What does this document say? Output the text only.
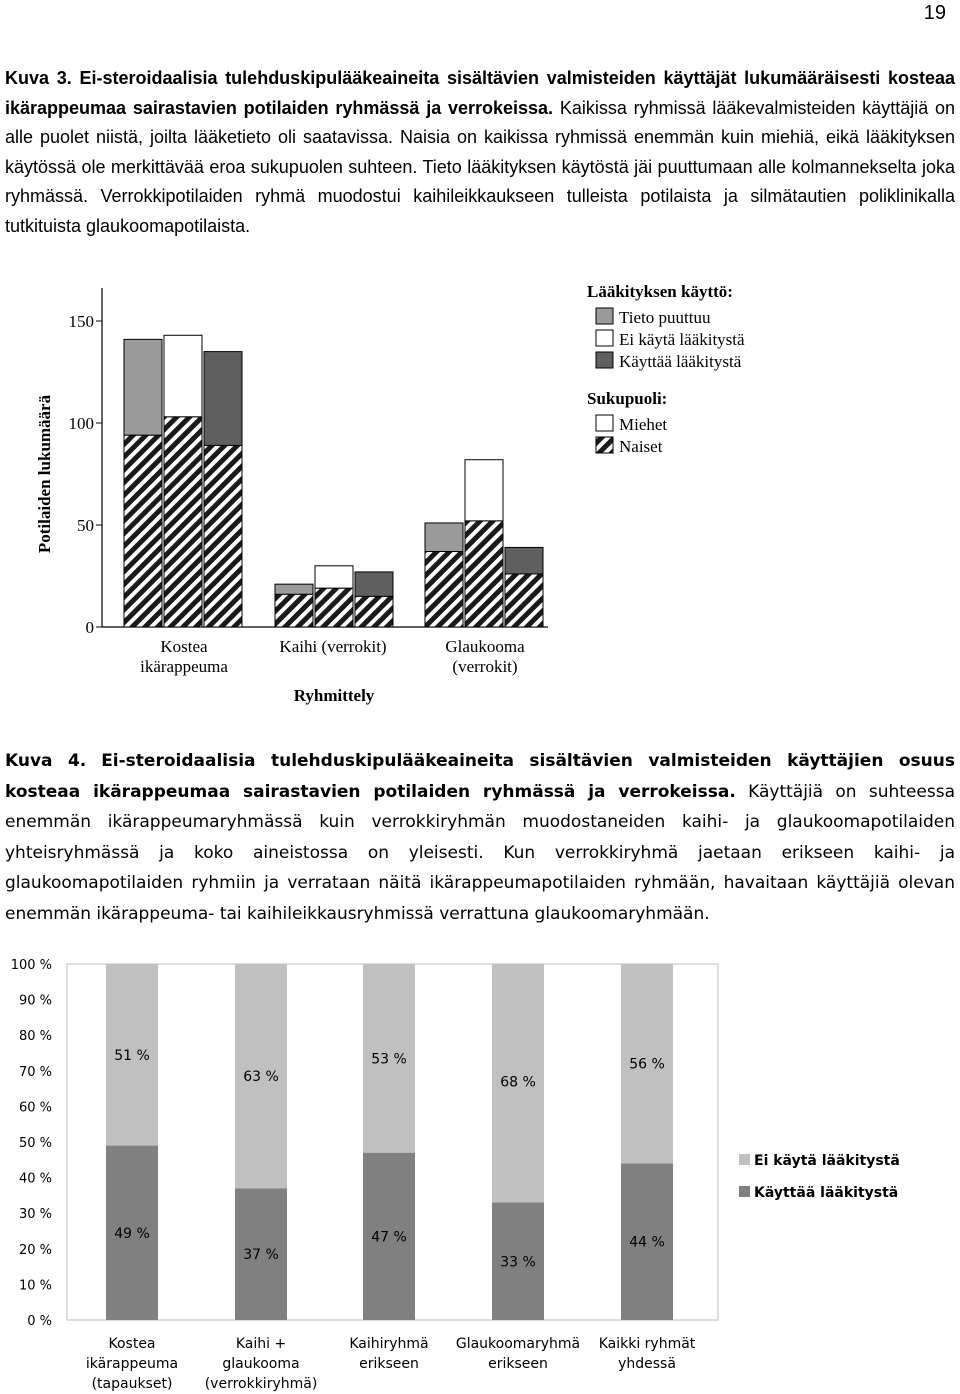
19
Kuva 3. Ei-steroidaalisia tulehduskipulääkeaineita sisältävien valmisteiden käyttäjät lukumääräisesti kosteaa ikärappeumaa sairastavien potilaiden ryhmässä ja verrokeissa. Kaikissa ryhmissä lääkevalmisteiden käyttäjiä on alle puolet niistä, joilta lääketieto oli saatavissa. Naisia on kaikissa ryhmissä enemmän kuin miehiä, eikä lääkityksen käytössä ole merkittävää eroa sukupuolen suhteen. Tieto lääkityksen käytöstä jäi puuttumaan alle kolmannekselta joka ryhmässä. Verrokkipotilaiden ryhmä muodostui kaihileikkaukseen tulleista potilaista ja silmätautien poliklinikalla tutkituista glaukoomapotilaista.
0
50
100
150
Potilaiden lukumäärä
Ryhmittely
Kostea
ikärappeuma
Kaihi (verrokit)	Glaukooma
(verrokit)
Lääkityksen käyttö:
Tieto puuttuu
Ei käytä lääkitystä
Käyttää lääkitystä
Sukupuoli:
Miehet
Naiset
Kuva 4. Ei-steroidaalisia tulehduskipulääkeaineita sisältävien valmisteiden käyttäjien osuus kosteaa ikärappeumaa sairastavien potilaiden ryhmässä ja verrokeissa. Käyttäjiä on suhteessa enemmän ikärappeumaryhmässä kuin verrokkiryhmän muodostaneiden kaihi- ja glaukoomapotilaiden yhteisryhmässä ja koko aineistossa on yleisesti. Kun verrokkiryhmä jaetaan erikseen kaihi- ja glaukoomapotilaiden ryhmiin ja verrataan näitä ikärappeumapotilaiden ryhmään, havaitaan käyttäjiä olevan enemmän ikärappeuma- tai kaihileikkausryhmissä verrattuna glaukoomaryhmään.
0 %
10 %
20 %
30 %
40 %
50 %
60 %
70 %
80 %
90 %
100 %
Kostea
ikärappeuma
(tapaukset)
Kaihi +
glaukooma
(verrokkiryhmä)
Kaihiryhmä
erikseen
Glaukoomaryhmä
erikseen
Kaikki ryhmät
yhdessä
51 %
49 %
63 %
37 %
53 %
47 %
68 %
33 %
56 %
44 %
Ei käytä lääkitystä
Käyttää lääkitystä
